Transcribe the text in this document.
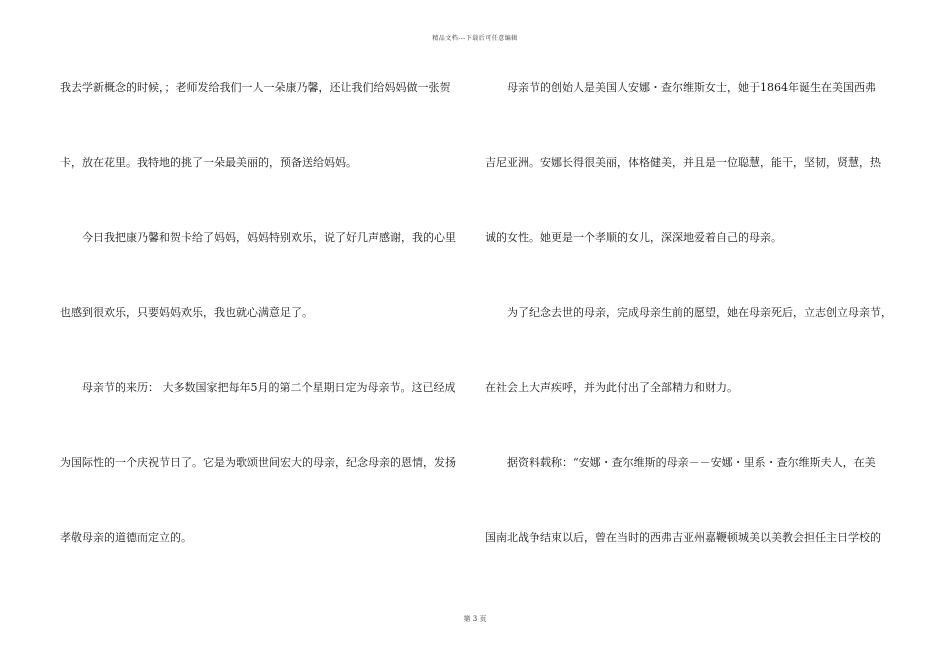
精品文档---下载后可任意编辑
我去学新概念的时候，；老师发给我们一人一朵康乃馨，还让我们给妈妈做一张贺
卡，放在花里。我特地的挑了一朵最美丽的，预备送给妈妈。
今日我把康乃馨和贺卡给了妈妈，妈妈特别欢乐，说了好几声感谢，我的心里
也感到很欢乐，只要妈妈欢乐，我也就心满意足了。
母亲节的来历： 大多数国家把每年5月的第二个星期日定为母亲节。这已经成
为国际性的一个庆祝节日了。它是为歌颂世间宏大的母亲，纪念母亲的恩情，发扬
孝敬母亲的道德而定立的。
母亲节的创始人是美国人安娜・查尔维斯女士，她于1864年诞生在美国西弗
吉尼亚洲。安娜长得很美丽，体格健美，并且是一位聪慧，能干，坚韧，贤慧，热
诚的女性。她更是一个孝顺的女儿，深深地爱着自己的母亲。
为了纪念去世的母亲，完成母亲生前的愿望，她在母亲死后，立志创立母亲节，
在社会上大声疾呼，并为此付出了全部精力和财力。
据资料载称：“安娜・查尔维斯的母亲－－安娜・里系・查尔维斯夫人，在美
国南北战争结束以后，曾在当时的西弗吉亚州嘉鞭顿城美以美教会担任主日学校的
第 3 页
